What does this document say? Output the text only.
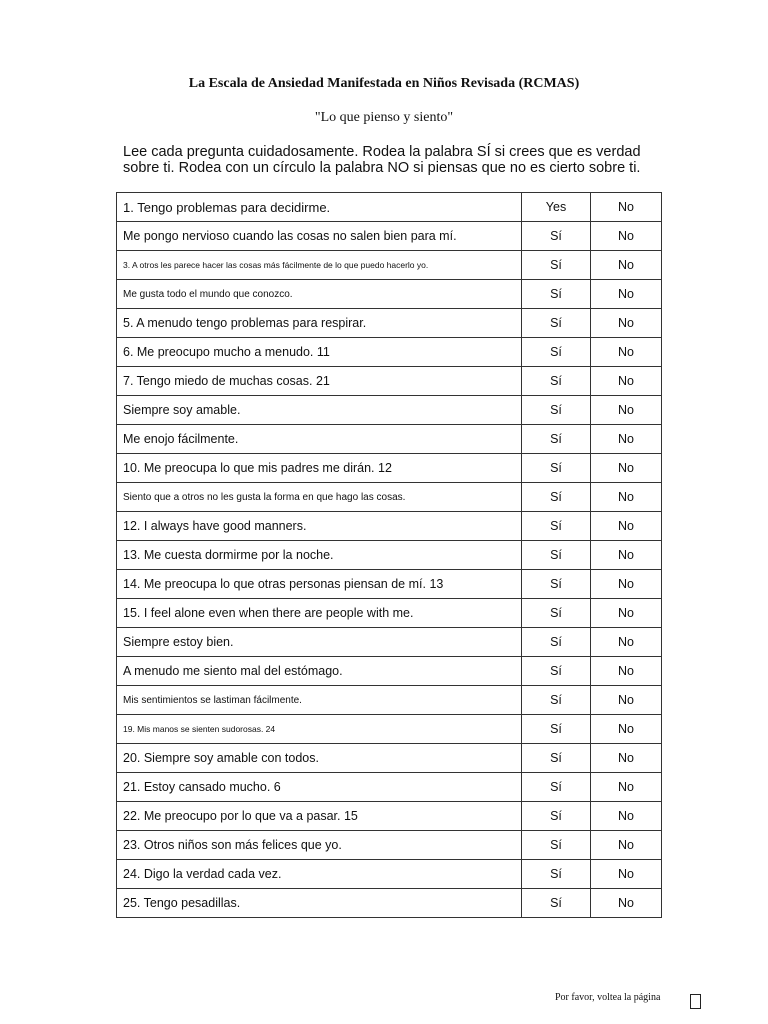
La Escala de Ansiedad Manifestada en Niños Revisada (RCMAS)
"Lo que pienso y siento"
Lee cada pregunta cuidadosamente. Rodea la palabra SÍ si crees que es verdad sobre ti. Rodea con un círculo la palabra NO si piensas que no es cierto sobre ti.
1. Tengo problemas para decidirme.	Yes	No
Me pongo nervioso cuando las cosas no salen bien para mí.	Sí	No
3. A otros les parece hacer las cosas más fácilmente de lo que puedo hacerlo yo.	Sí	No
Me gusta todo el mundo que conozco.	Sí	No
5. A menudo tengo problemas para respirar.	Sí	No
6. Me preocupo mucho a menudo. 11	Sí	No
7. Tengo miedo de muchas cosas. 21	Sí	No
Siempre soy amable.	Sí	No
Me enojo fácilmente.	Sí	No
10. Me preocupa lo que mis padres me dirán. 12	Sí	No
Siento que a otros no les gusta la forma en que hago las cosas.	Sí	No
12. I always have good manners.	Sí	No
13. Me cuesta dormirme por la noche.	Sí	No
14. Me preocupa lo que otras personas piensan de mí. 13	Sí	No
15. I feel alone even when there are people with me.	Sí	No
Siempre estoy bien.	Sí	No
A menudo me siento mal del estómago.	Sí	No
Mis sentimientos se lastiman fácilmente.	Sí	No
19. Mis manos se sienten sudorosas. 24	Sí	No
20. Siempre soy amable con todos.	Sí	No
21. Estoy cansado mucho. 6	Sí	No
22. Me preocupo por lo que va a pasar. 15	Sí	No
23. Otros niños son más felices que yo.	Sí	No
24. Digo la verdad cada vez.	Sí	No
25. Tengo pesadillas.	Sí	No
Por favor, voltea la página
